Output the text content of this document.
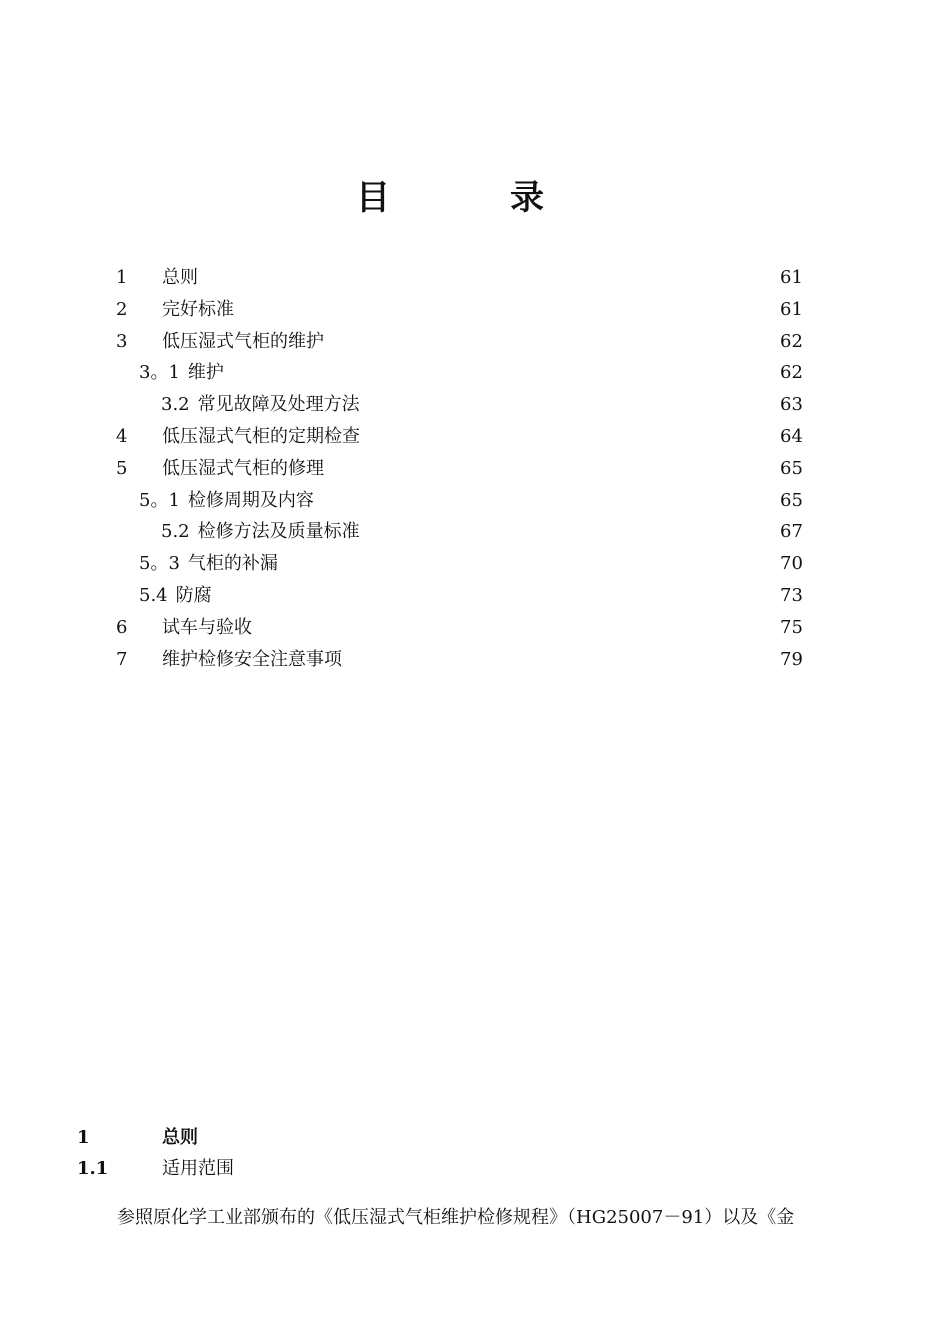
目	录
1 总则	61
2 完好标准	61
3 低压湿式气柜的维护	62
3。1 维护	62
3.2 常见故障及处理方法	63
4 低压湿式气柜的定期检查	64
5 低压湿式气柜的修理	65
5。1 检修周期及内容	65
5.2 检修方法及质量标准	67
5。3 气柜的补漏	70
5.4 防腐	73
6 试车与验收	75
7 维护检修安全注意事项	79
1	总则
1.1	适用范围

参照原化学工业部颁布的《低压湿式气柜维护检修规程》（HG25007－91）以及《金
